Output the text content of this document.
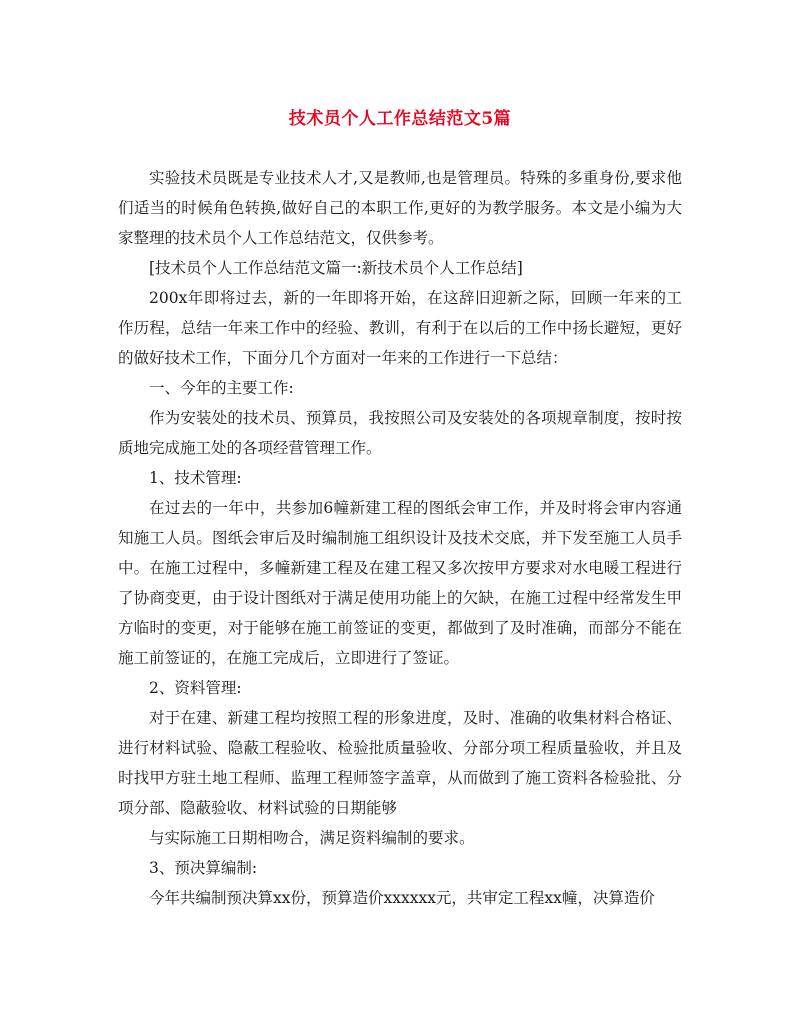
技术员个人工作总结范文5篇

实验技术员既是专业技术人才,又是教师,也是管理员。特殊的多重身份,要求他们适当的时候角色转换,做好自己的本职工作,更好的为教学服务。本文是小编为大家整理的技术员个人工作总结范文，仅供参考。

[技术员个人工作总结范文篇一:新技术员个人工作总结]

200x年即将过去，新的一年即将开始，在这辞旧迎新之际，回顾一年来的工作历程，总结一年来工作中的经验、教训，有利于在以后的工作中扬长避短，更好的做好技术工作，下面分几个方面对一年来的工作进行一下总结：

一、今年的主要工作:

作为安装处的技术员、预算员，我按照公司及安装处的各项规章制度，按时按质地完成施工处的各项经营管理工作。

1、技术管理:

在过去的一年中，共参加6幢新建工程的图纸会审工作，并及时将会审内容通知施工人员。图纸会审后及时编制施工组织设计及技术交底，并下发至施工人员手中。在施工过程中，多幢新建工程及在建工程又多次按甲方要求对水电暖工程进行了协商变更，由于设计图纸对于满足使用功能上的欠缺，在施工过程中经常发生甲方临时的变更，对于能够在施工前签证的变更，都做到了及时准确，而部分不能在施工前签证的，在施工完成后，立即进行了签证。

2、资料管理:

对于在建、新建工程均按照工程的形象进度，及时、准确的收集材料合格证、进行材料试验、隐蔽工程验收、检验批质量验收、分部分项工程质量验收，并且及时找甲方驻土地工程师、监理工程师签字盖章，从而做到了施工资料各检验批、分项分部、隐蔽验收、材料试验的日期能够

与实际施工日期相吻合，满足资料编制的要求。

3、预决算编制:

今年共编制预决算xx份，预算造价xxxxxx元，共审定工程xx幢，决算造价
